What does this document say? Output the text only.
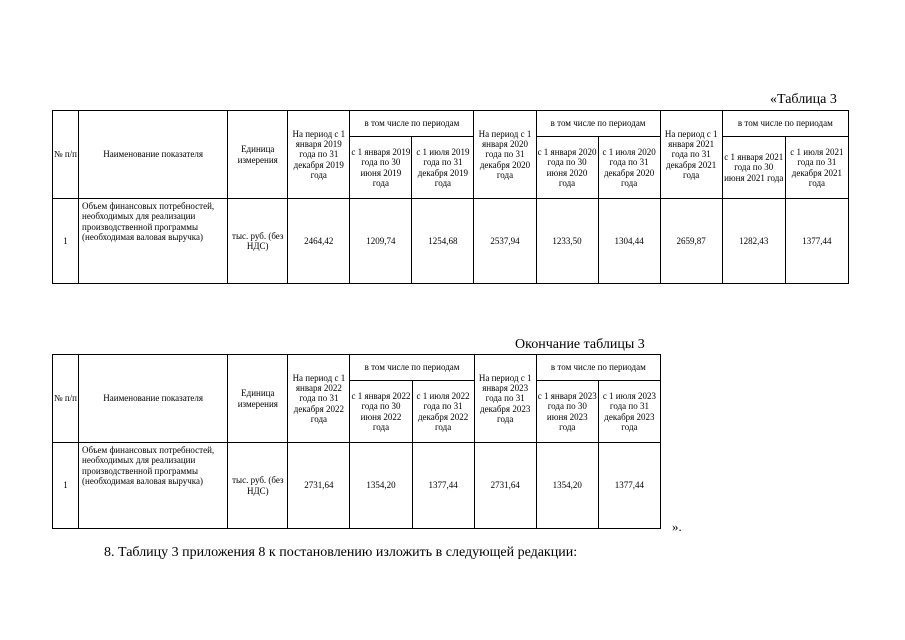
«Таблица 3
№ п/п	Наименование показателя	Единица измерения	На период с 1 января 2019 года по 31 декабря 2019 года	в том числе по периодам		На период с 1 января 2020 года по 31 декабря 2020 года	в том числе по периодам		На период с 1 января 2021 года по 31 декабря 2021 года	в том числе по периодам	
				с 1 января 2019 года по 30 июня 2019 года	с 1 июля 2019 года по 31 декабря 2019 года		с 1 января 2020 года по 30 июня 2020 года	с 1 июля 2020 года по 31 декабря 2020 года		с 1 января 2021 года по 30 июня 2021 года	с 1 июля 2021 года по 31 декабря 2021 года
1	Объем финансовых потребностей, необходимых для реализации производственной программы (необходимая валовая выручка)	тыс. руб. (без НДС)	2464,42	1209,74	1254,68	2537,94	1233,50	1304,44	2659,87	1282,43	1377,44
Окончание таблицы 3
№ п/п	Наименование показателя	Единица измерения	На период с 1 января 2022 года по 31 декабря 2022 года	в том числе по периодам		На период с 1 января 2023 года по 31 декабря 2023 года	в том числе по периодам	
				с 1 января 2022 года по 30 июня 2022 года	с 1 июля 2022 года по 31 декабря 2022 года		с 1 января 2023 года по 30 июня 2023 года	с 1 июля 2023 года по 31 декабря 2023 года
1	Объем финансовых потребностей, необходимых для реализации производственной программы (необходимая валовая выручка)	тыс. руб. (без НДС)	2731,64	1354,20	1377,44	2731,64	1354,20	1377,44
».
8. Таблицу 3 приложения 8 к постановлению изложить в следующей редакции:
